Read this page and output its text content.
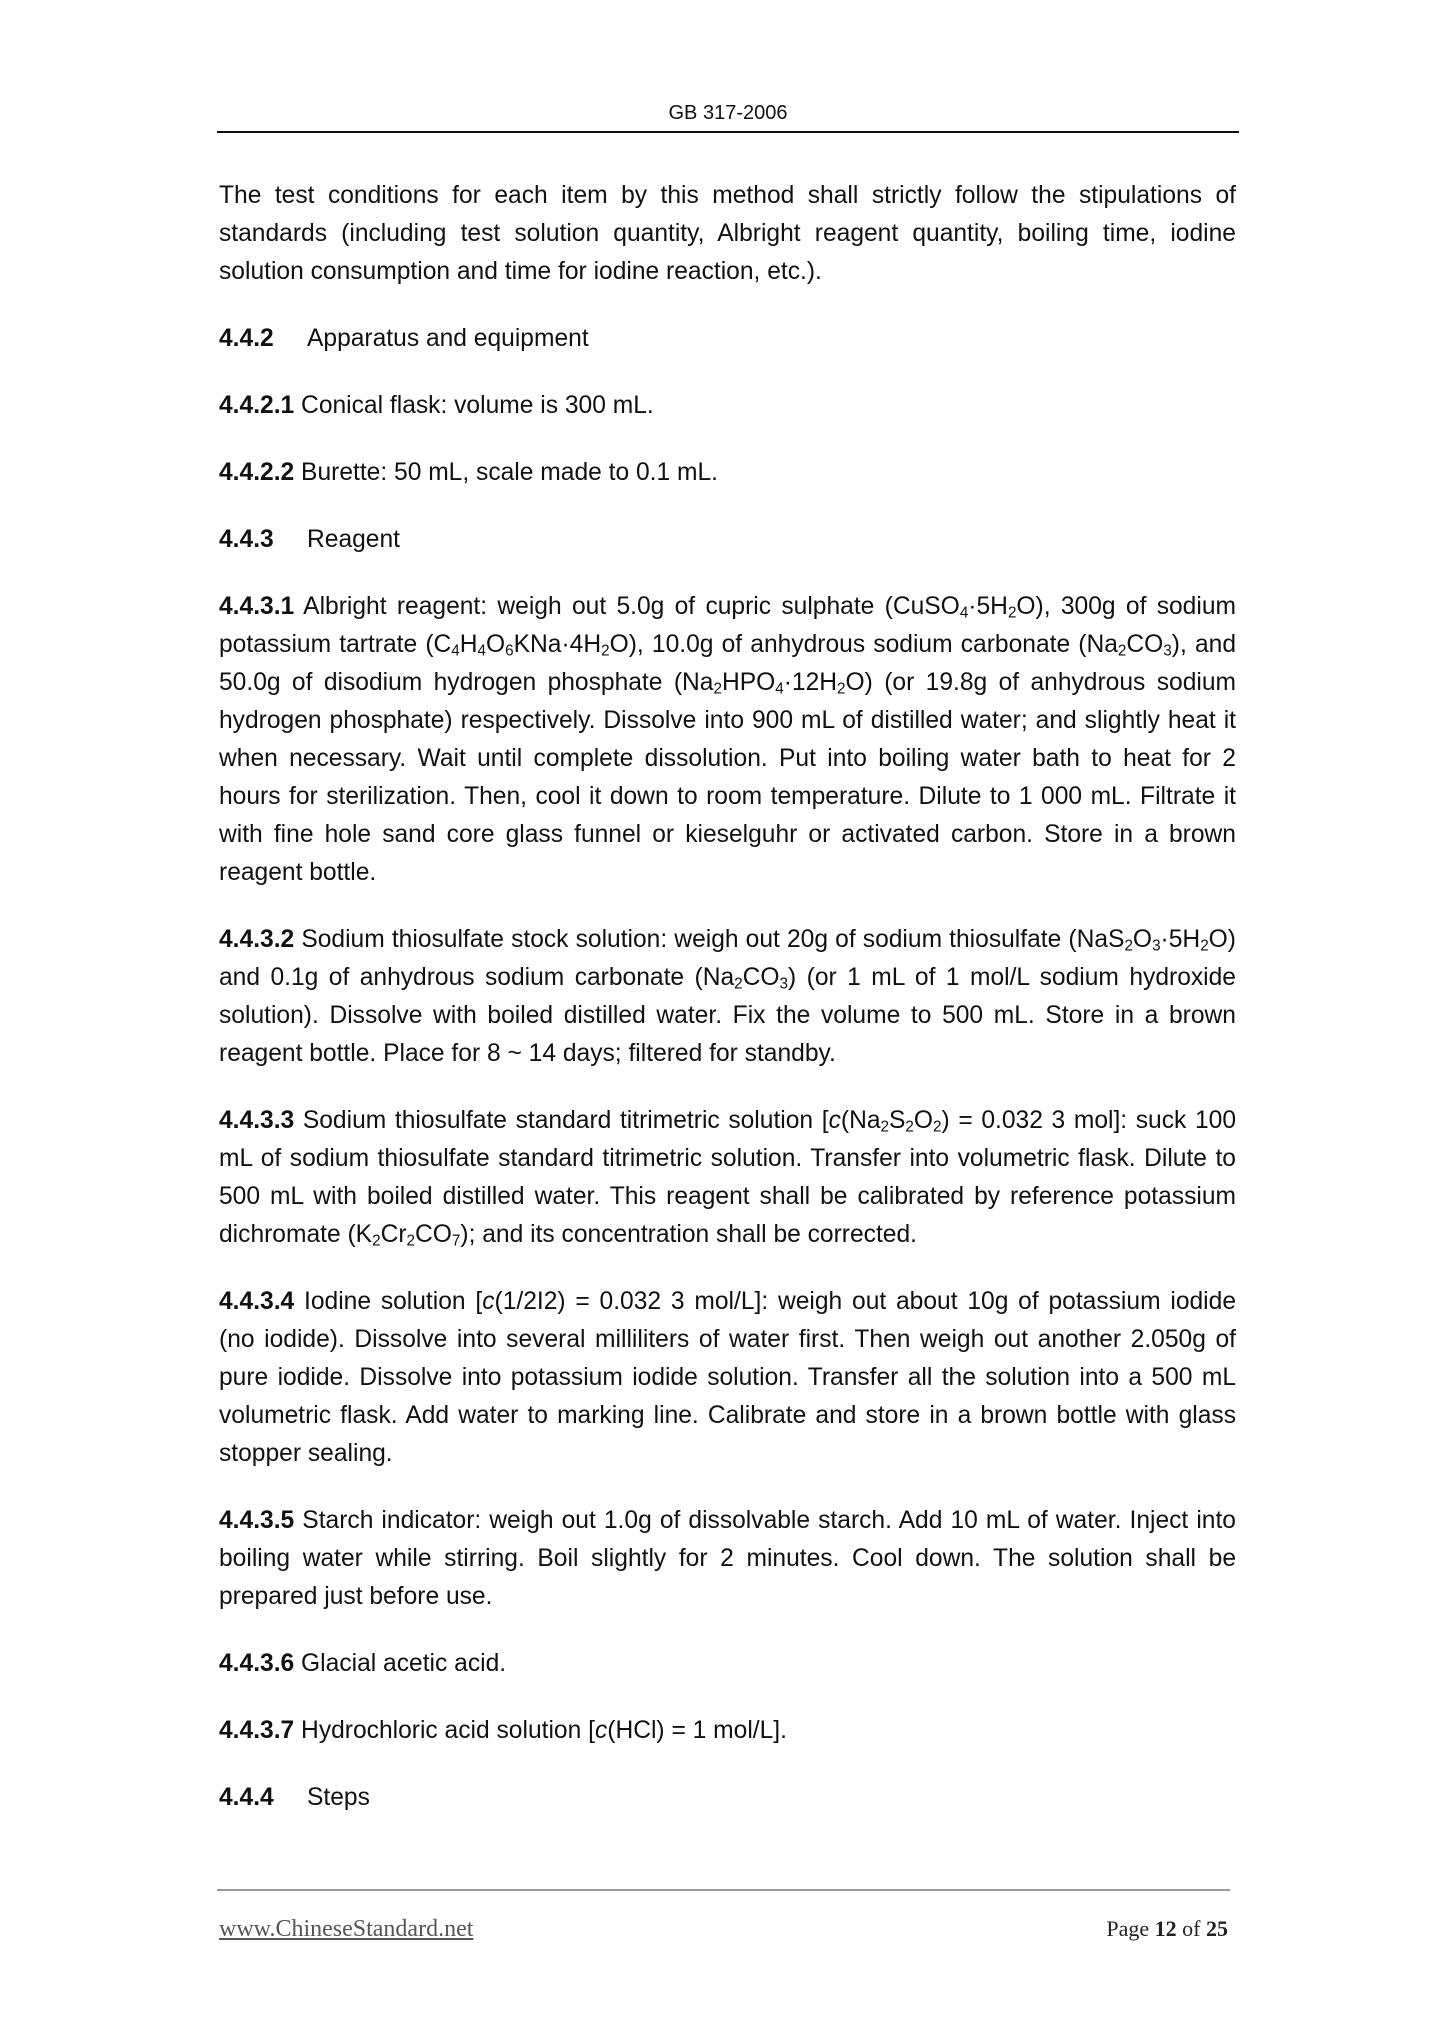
GB 317-2006

The test conditions for each item by this method shall strictly follow the stipulations of standards (including test solution quantity, Albright reagent quantity, boiling time, iodine solution consumption and time for iodine reaction, etc.).

4.4.2 Apparatus and equipment

4.4.2.1 Conical flask: volume is 300 mL.

4.4.2.2 Burette: 50 mL, scale made to 0.1 mL.

4.4.3 Reagent

4.4.3.1 Albright reagent: weigh out 5.0g of cupric sulphate $(CuSO_4\cdot 5H_2O)$, 300g of sodium potassium tartrate $(C_4H_4O_6KNa\cdot 4H_2O)$, 10.0g of anhydrous sodium carbonate $(Na_2CO_3)$, and 50.0g of disodium hydrogen phosphate $(Na_2HPO_4\cdot 12H_2O)$ (or 19.8g of anhydrous sodium hydrogen phosphate) respectively. Dissolve into 900 mL of distilled water; and slightly heat it when necessary. Wait until complete dissolution. Put into boiling water bath to heat for 2 hours for sterilization. Then, cool it down to room temperature. Dilute to 1 000 mL. Filtrate it with fine hole sand core glass funnel or kieselguhr or activated carbon. Store in a brown reagent bottle.

4.4.3.2 Sodium thiosulfate stock solution: weigh out 20g of sodium thiosulfate $(NaS_2O_3\cdot 5H_2O)$ and 0.1g of anhydrous sodium carbonate $(Na_2CO_3)$ (or 1 mL of 1 mol/L sodium hydroxide solution). Dissolve with boiled distilled water. Fix the volume to 500 mL. Store in a brown reagent bottle. Place for 8 ~ 14 days; filtered for standby.

4.4.3.3 Sodium thiosulfate standard titrimetric solution [$c(Na_2S_2O_2) = 0.032$ 3 mol]: suck 100 mL of sodium thiosulfate standard titrimetric solution. Transfer into volumetric flask. Dilute to 500 mL with boiled distilled water. This reagent shall be calibrated by reference potassium dichromate $(K_2Cr_2CO_7)$; and its concentration shall be corrected.

4.4.3.4 Iodine solution [c(1/2I2) = 0.032 3 mol/L]: weigh out about 10g of potassium iodide (no iodide). Dissolve into several milliliters of water first. Then weigh out another 2.050g of pure iodide. Dissolve into potassium iodide solution. Transfer all the solution into a 500 mL volumetric flask. Add water to marking line. Calibrate and store in a brown bottle with glass stopper sealing.

4.4.3.5 Starch indicator: weigh out 1.0g of dissolvable starch. Add 10 mL of water. Inject into boiling water while stirring. Boil slightly for 2 minutes. Cool down. The solution shall be prepared just before use.

4.4.3.6 Glacial acetic acid.

4.4.3.7 Hydrochloric acid solution [c(HCl) = 1 mol/L].

4.4.4 Steps

www.ChineseStandard.net	Page 12 of 25
